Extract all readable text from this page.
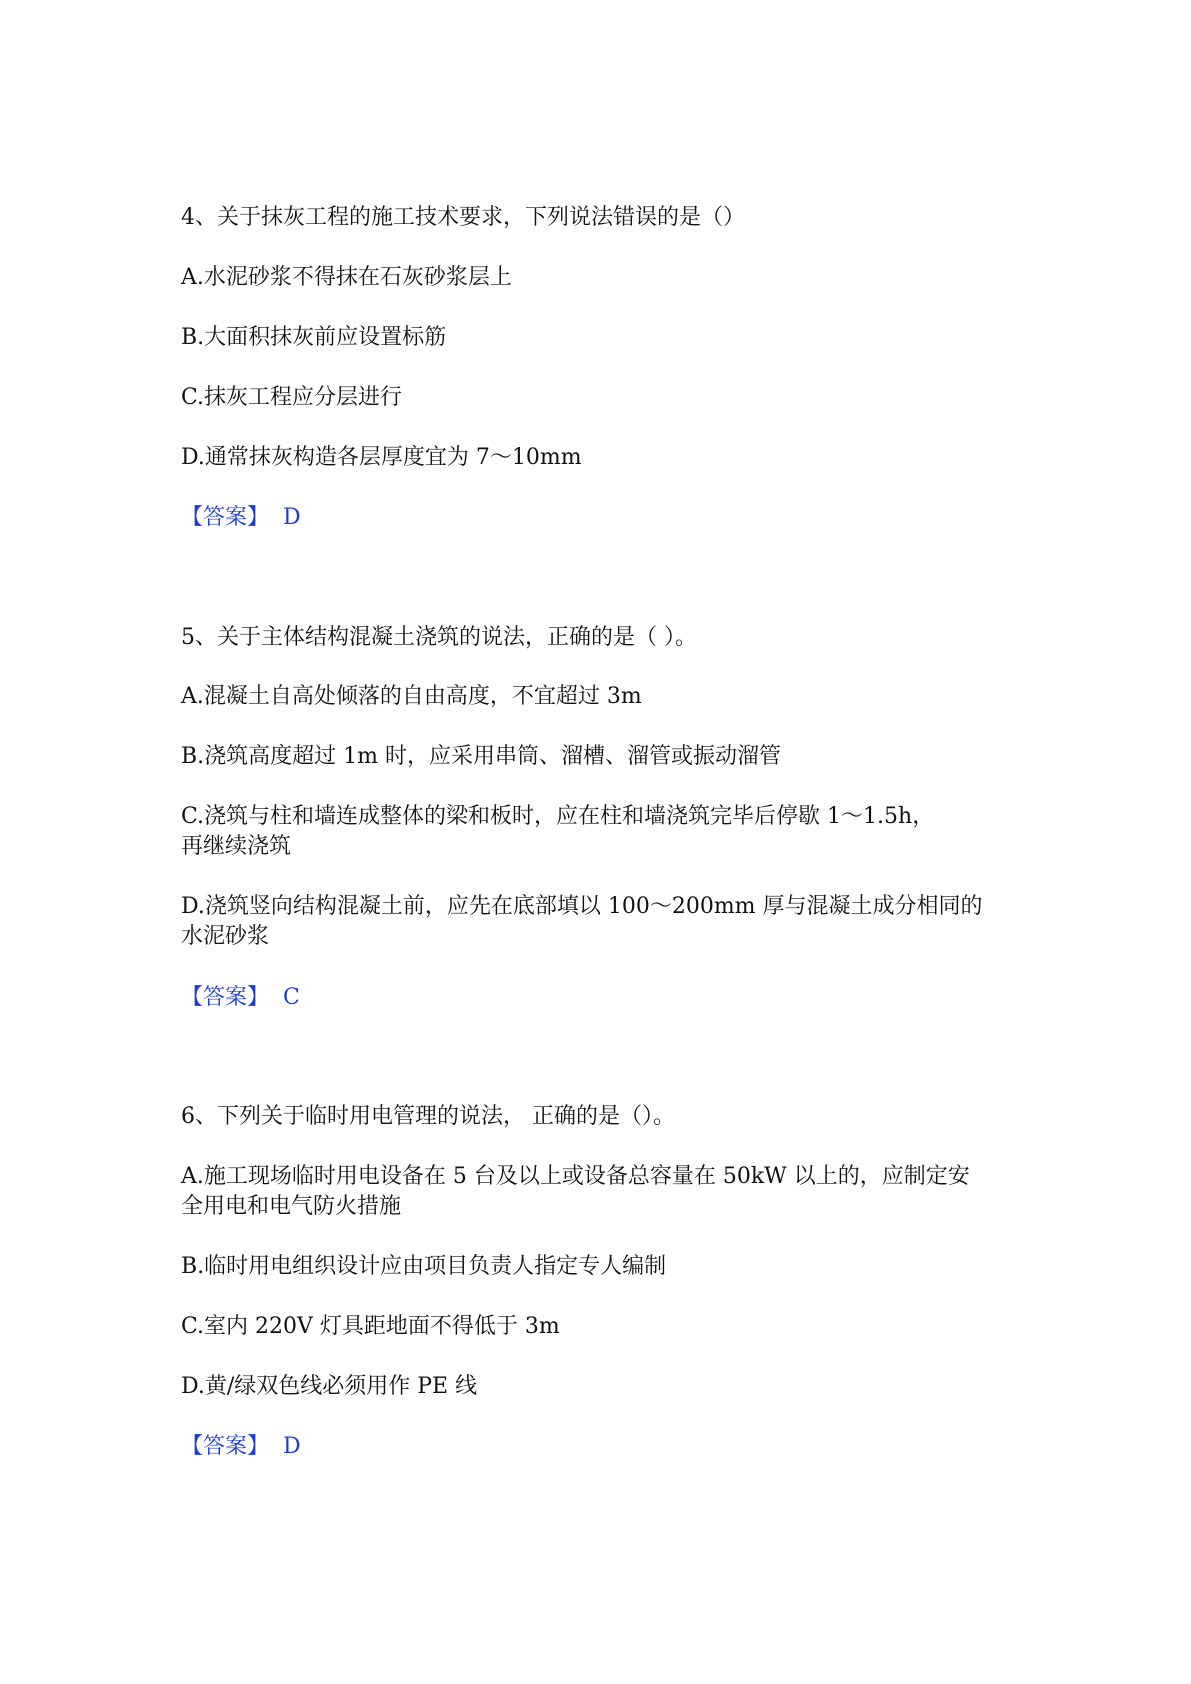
4、关于抹灰工程的施工技术要求，下列说法错误的是（）
A.水泥砂浆不得抹在石灰砂浆层上
B.大面积抹灰前应设置标筋
C.抹灰工程应分层进行
D.通常抹灰构造各层厚度宜为 7～10mm
【答案】 D
5、关于主体结构混凝土浇筑的说法，正确的是（ ）。
A.混凝土自高处倾落的自由高度，不宜超过 3m
B.浇筑高度超过 1m 时，应采用串筒、溜槽、溜管或振动溜管
C.浇筑与柱和墙连成整体的梁和板时，应在柱和墙浇筑完毕后停歇 1～1.5h，
再继续浇筑
D.浇筑竖向结构混凝土前，应先在底部填以 100～200mm 厚与混凝土成分相同的
水泥砂浆
【答案】 C
6、下列关于临时用电管理的说法， 正确的是（）。
A.施工现场临时用电设备在 5 台及以上或设备总容量在 50kW 以上的，应制定安
全用电和电气防火措施
B.临时用电组织设计应由项目负责人指定专人编制
C.室内 220V 灯具距地面不得低于 3m
D.黄/绿双色线必须用作 PE 线
【答案】 D
